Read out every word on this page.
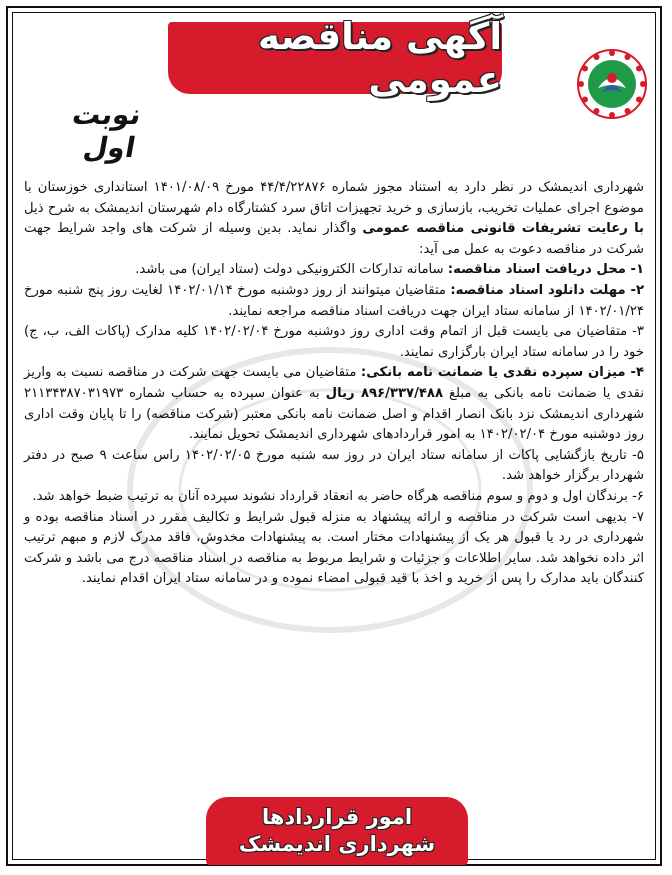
آگهی مناقصه عمومی
نوبت اول

شهرداری اندیمشک در نظر دارد به استناد مجوز شماره ۴۴/۴/۲۲۸۷۶ مورخ ۱۴۰۱/۰۸/۰۹ استانداری خوزستان با موضوع اجرای عملیات تخریب، بازسازی و خرید تجهیزات اتاق سرد کشتارگاه دام شهرستان اندیمشک به شرح ذیل با رعایت تشریفات قانونی مناقصه عمومی واگذار نماید. بدین وسیله از شرکت های واجد شرایط جهت شرکت در مناقصه دعوت به عمل می آید:

۱- محل دریافت اسناد مناقصه: سامانه تدارکات الکترونیکی دولت (ستاد ایران) می باشد.

۲- مهلت دانلود اسناد مناقصه: متقاضیان میتوانند از روز دوشنبه مورخ ۱۴۰۲/۰۱/۱۴ لغایت روز پنج شنبه مورخ ۱۴۰۲/۰۱/۲۴ از سامانه ستاد ایران جهت دریافت اسناد مناقصه مراجعه نمایند.

۳- متقاضیان می بایست قبل از اتمام وقت اداری روز دوشنبه مورخ ۱۴۰۲/۰۲/۰۴ کلیه مدارک (پاکات الف، ب، ج) خود را در سامانه ستاد ایران بارگزاری نمایند.

۴- میزان سپرده نقدی یا ضمانت نامه بانکی: متقاضیان می بایست جهت شرکت در مناقصه نسبت به واریز نقدی یا ضمانت نامه بانکی به مبلغ ۸۹۶/۳۳۷/۴۸۸ ریال به عنوان سپرده به حساب شماره ۲۱۱۳۴۳۸۷۰۳۱۹۷۳ شهرداری اندیمشک نزد بانک انصار اقدام و اصل ضمانت نامه بانکی معتبر (شرکت مناقصه) را تا پایان وقت اداری روز دوشنبه مورخ ۱۴۰۲/۰۲/۰۴ به امور قراردادهای شهرداری اندیمشک تحویل نمایند.

۵- تاریخ بازگشایی پاکات از سامانه ستاد ایران در روز سه شنبه مورخ ۱۴۰۲/۰۲/۰۵ راس ساعت ۹ صبح در دفتر شهردار برگزار خواهد شد.

۶- برندگان اول و دوم و سوم مناقصه هرگاه حاضر به انعقاد قرارداد نشوند سپرده آنان به ترتیب ضبط خواهد شد.

۷- بدیهی است شرکت در مناقصه و ارائه پیشنهاد به منزله قبول شرایط و تکالیف مقرر در اسناد مناقصه بوده و شهرداری در رد یا قبول هر یک از پیشنهادات مختار است. به پیشنهادات مخدوش، فاقد مدرک لازم و مبهم ترتیب اثر داده نخواهد شد. سایر اطلاعات و جزئیات و شرایط مربوط به مناقصه در اسناد مناقصه درج می باشد و شرکت کنندگان باید مدارک را پس از خرید و اخذ با قید قبولی امضاء نموده و در سامانه ستاد ایران اقدام نمایند.

امور قراردادها
شهرداری اندیمشک
